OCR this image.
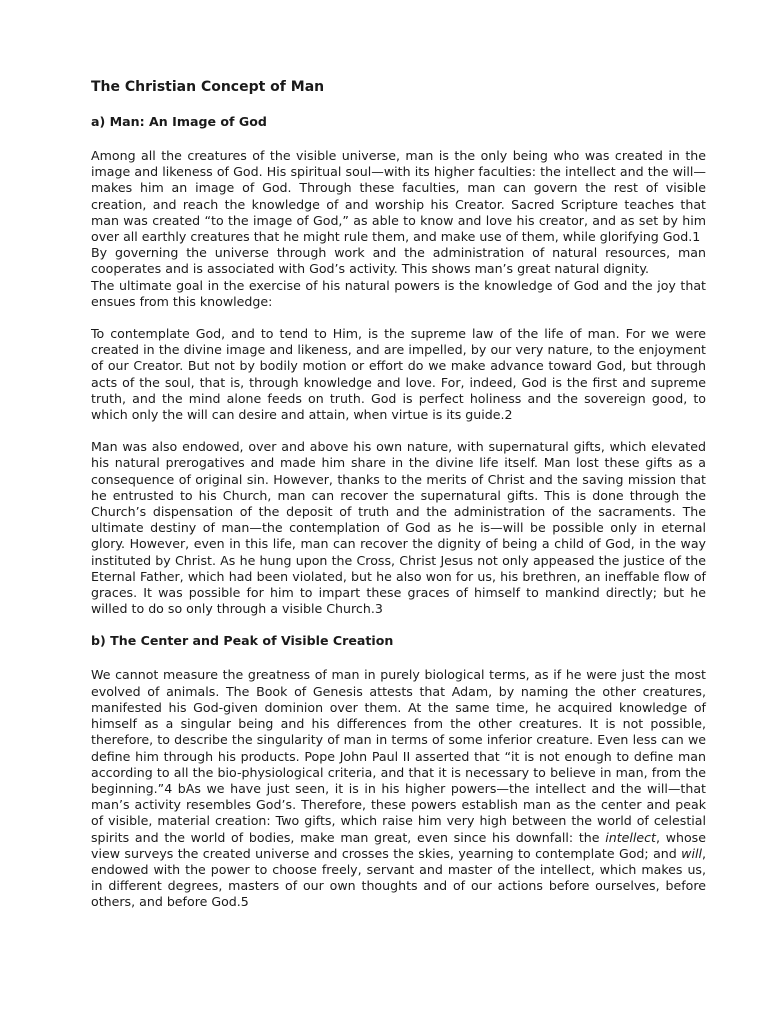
The Christian Concept of Man
a) Man: An Image of God

Among all the creatures of the visible universe, man is the only being who was created in the image and likeness of God. His spiritual soul—with its higher faculties: the intellect and the will—makes him an image of God. Through these faculties, man can govern the rest of visible creation, and reach the knowledge of and worship his Creator. Sacred Scripture teaches that man was created “to the image of God,” as able to know and love his creator, and as set by him over all earthly creatures that he might rule them, and make use of them, while glorifying God.1

By governing the universe through work and the administration of natural resources, man cooperates and is associated with God’s activity. This shows man’s great natural dignity.

The ultimate goal in the exercise of his natural powers is the knowledge of God and the joy that ensues from this knowledge:

To contemplate God, and to tend to Him, is the supreme law of the life of man. For we were created in the divine image and likeness, and are impelled, by our very nature, to the enjoyment of our Creator. But not by bodily motion or effort do we make advance toward God, but through acts of the soul, that is, through knowledge and love. For, indeed, God is the first and supreme truth, and the mind alone feeds on truth. God is perfect holiness and the sovereign good, to which only the will can desire and attain, when virtue is its guide.2

Man was also endowed, over and above his own nature, with supernatural gifts, which elevated his natural prerogatives and made him share in the divine life itself. Man lost these gifts as a consequence of original sin. However, thanks to the merits of Christ and the saving mission that he entrusted to his Church, man can recover the supernatural gifts. This is done through the Church’s dispensation of the deposit of truth and the administration of the sacraments. The ultimate destiny of man—the contemplation of God as he is—will be possible only in eternal glory. However, even in this life, man can recover the dignity of being a child of God, in the way instituted by Christ. As he hung upon the Cross, Christ Jesus not only appeased the justice of the Eternal Father, which had been violated, but he also won for us, his brethren, an ineffable flow of graces. It was possible for him to impart these graces of himself to mankind directly; but he willed to do so only through a visible Church.3

b) The Center and Peak of Visible Creation

We cannot measure the greatness of man in purely biological terms, as if he were just the most evolved of animals. The Book of Genesis attests that Adam, by naming the other creatures, manifested his God-given dominion over them. At the same time, he acquired knowledge of himself as a singular being and his differences from the other creatures. It is not possible, therefore, to describe the singularity of man in terms of some inferior creature. Even less can we define him through his products. Pope John Paul II asserted that “it is not enough to define man according to all the bio-physiological criteria, and that it is necessary to believe in man, from the beginning.”4 bAs we have just seen, it is in his higher powers—the intellect and the will—that man’s activity resembles God’s. Therefore, these powers establish man as the center and peak of visible, material creation: Two gifts, which raise him very high between the world of celestial spirits and the world of bodies, make man great, even since his downfall: the intellect, whose view surveys the created universe and crosses the skies, yearning to contemplate God; and will, endowed with the power to choose freely, servant and master of the intellect, which makes us, in different degrees, masters of our own thoughts and of our actions before ourselves, before others, and before God.5
